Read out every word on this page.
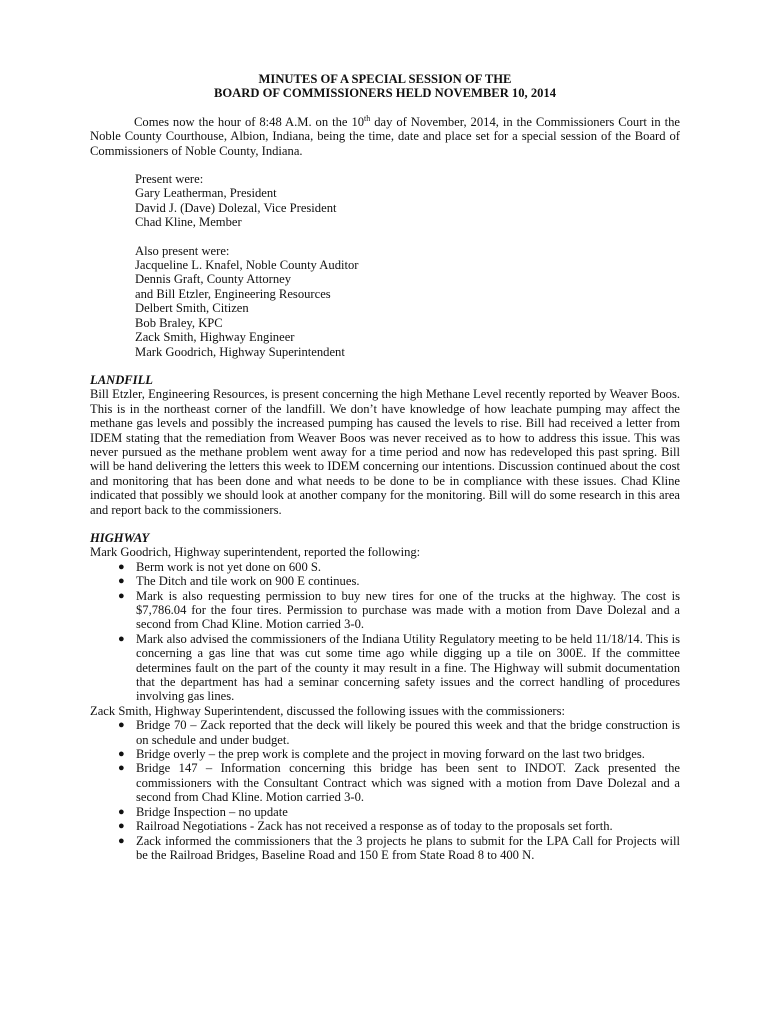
MINUTES OF A SPECIAL SESSION OF THE
BOARD OF COMMISSIONERS HELD NOVEMBER 10, 2014

Comes now the hour of 8:48 A.M. on the 10th day of November, 2014, in the Commissioners Court in the Noble County Courthouse, Albion, Indiana, being the time, date and place set for a special session of the Board of Commissioners of Noble County, Indiana.

Present were:
Gary Leatherman, President
David J. (Dave) Dolezal, Vice President
Chad Kline, Member
Also present were:
Jacqueline L. Knafel, Noble County Auditor
Dennis Graft, County Attorney
and Bill Etzler, Engineering Resources
Delbert Smith, Citizen
Bob Braley, KPC
Zack Smith, Highway Engineer
Mark Goodrich, Highway Superintendent

LANDFILL

Bill Etzler, Engineering Resources, is present concerning the high Methane Level recently reported by Weaver Boos. This is in the northeast corner of the landfill. We don’t have knowledge of how leachate pumping may affect the methane gas levels and possibly the increased pumping has caused the levels to rise. Bill had received a letter from IDEM stating that the remediation from Weaver Boos was never received as to how to address this issue. This was never pursued as the methane problem went away for a time period and now has redeveloped this past spring. Bill will be hand delivering the letters this week to IDEM concerning our intentions. Discussion continued about the cost and monitoring that has been done and what needs to be done to be in compliance with these issues. Chad Kline indicated that possibly we should look at another company for the monitoring. Bill will do some research in this area and report back to the commissioners.

HIGHWAY

Mark Goodrich, Highway superintendent, reported the following:

● Berm work is not yet done on 600 S.
● The Ditch and tile work on 900 E continues.
● Mark is also requesting permission to buy new tires for one of the trucks at the highway. The cost is $7,786.04 for the four tires. Permission to purchase was made with a motion from Dave Dolezal and a second from Chad Kline. Motion carried 3-0.
● Mark also advised the commissioners of the Indiana Utility Regulatory meeting to be held 11/18/14. This is concerning a gas line that was cut some time ago while digging up a tile on 300E. If the committee determines fault on the part of the county it may result in a fine. The Highway will submit documentation that the department has had a seminar concerning safety issues and the correct handling of procedures involving gas lines.

Zack Smith, Highway Superintendent, discussed the following issues with the commissioners:

● Bridge 70 – Zack reported that the deck will likely be poured this week and that the bridge construction is on schedule and under budget.
● Bridge overly – the prep work is complete and the project in moving forward on the last two bridges.
● Bridge 147 – Information concerning this bridge has been sent to INDOT. Zack presented the commissioners with the Consultant Contract which was signed with a motion from Dave Dolezal and a second from Chad Kline. Motion carried 3-0.
● Bridge Inspection – no update
● Railroad Negotiations - Zack has not received a response as of today to the proposals set forth.
● Zack informed the commissioners that the 3 projects he plans to submit for the LPA Call for Projects will be the Railroad Bridges, Baseline Road and 150 E from State Road 8 to 400 N.
